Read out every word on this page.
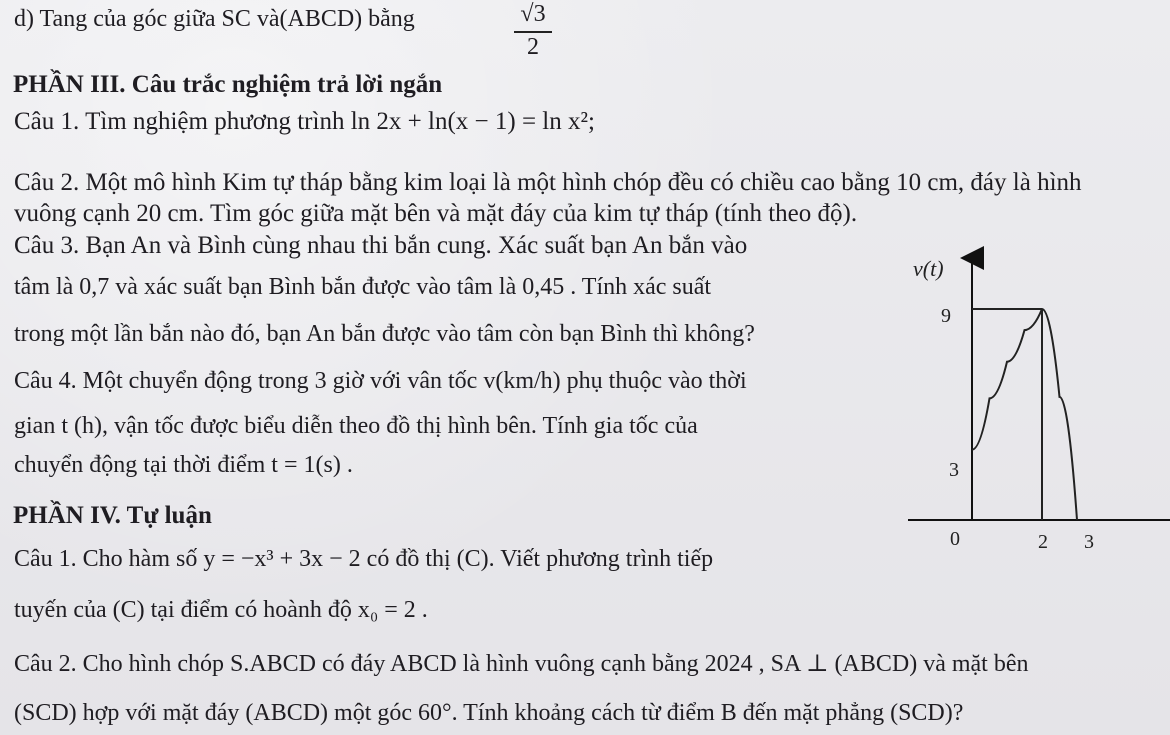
d) Tang của góc giữa SC và(ABCD) bằng	√3
2
PHẦN III. Câu trắc nghiệm trả lời ngắn
Câu 1. Tìm nghiệm phương trình ln 2x + ln(x − 1) = ln x²;
Câu 2. Một mô hình Kim tự tháp bằng kim loại là một hình chóp đều có chiều cao bằng 10 cm, đáy là hình
vuông cạnh 20 cm. Tìm góc giữa mặt bên và mặt đáy của kim tự tháp (tính theo độ).
Câu 3. Bạn An và Bình cùng nhau thi bắn cung. Xác suất bạn An bắn vào
tâm là 0,7 và xác suất bạn Bình bắn được vào tâm là 0,45 . Tính xác suất
trong một lần bắn nào đó, bạn An bắn được vào tâm còn bạn Bình thì không?
Câu 4. Một chuyển động trong 3 giờ với vân tốc v(km/h) phụ thuộc vào thời
gian t (h), vận tốc được biểu diễn theo đồ thị hình bên. Tính gia tốc của
chuyển động tại thời điểm t = 1(s) .
PHẦN IV. Tự luận
Câu 1. Cho hàm số y = −x³ + 3x − 2 có đồ thị (C). Viết phương trình tiếp
tuyến của (C) tại điểm có hoành độ x₀ = 2 .
Câu 2. Cho hình chóp S.ABCD có đáy ABCD là hình vuông cạnh bằng 2024 , SA ⊥ (ABCD) và mặt bên
(SCD) hợp với mặt đáy (ABCD) một góc 60°. Tính khoảng cách từ điểm B đến mặt phẳng (SCD)?
v(t)
9
3
0	2 3
